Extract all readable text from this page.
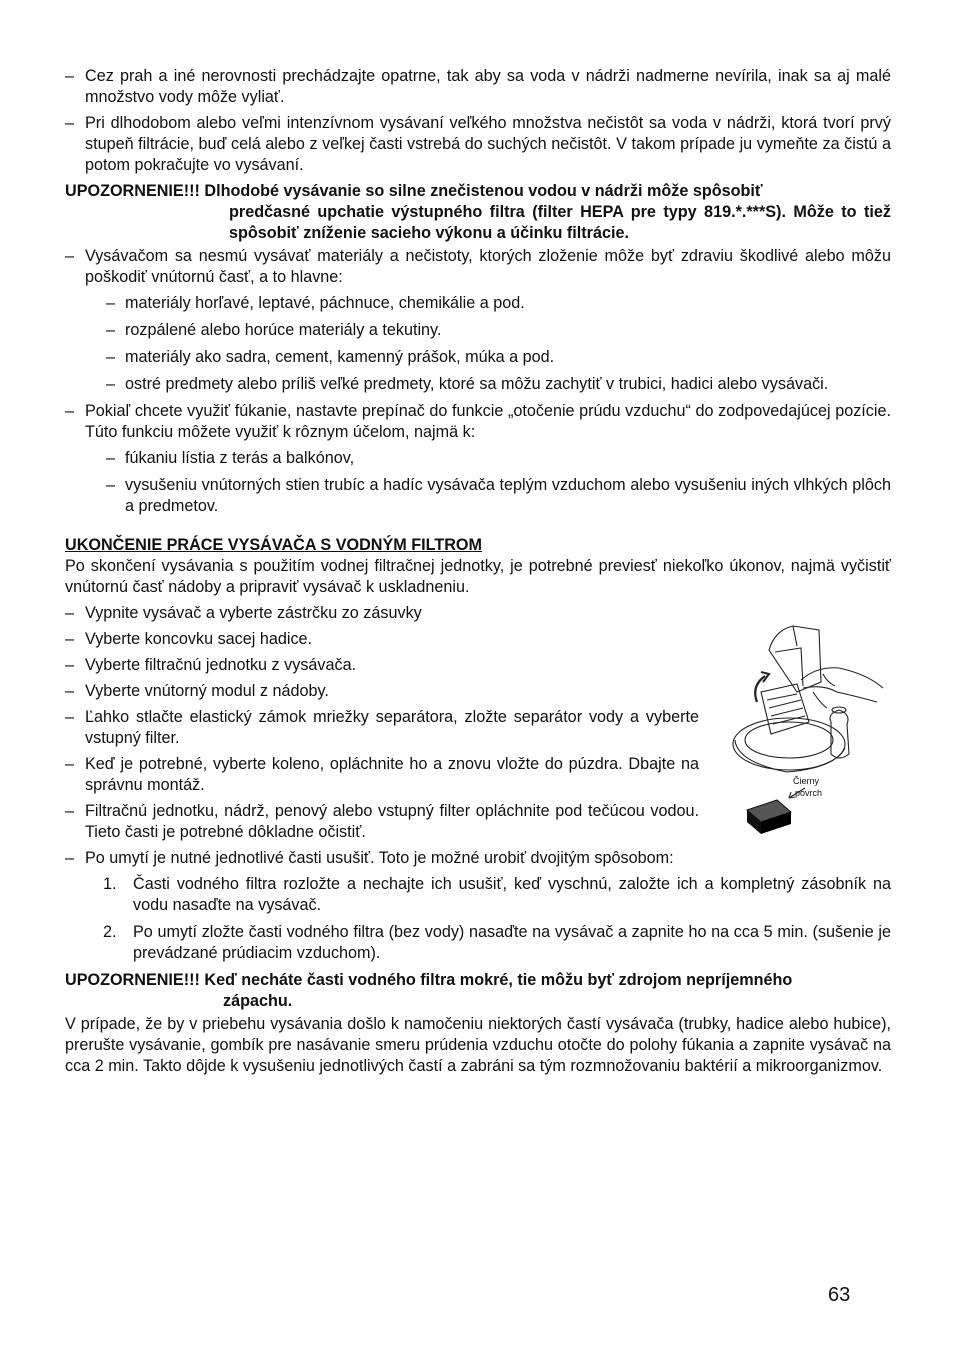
– Cez prah a iné nerovnosti prechádzajte opatrne, tak aby sa voda v nádrži nadmerne nevírila, inak sa aj malé množstvo vody môže vyliať.
– Pri dlhodobom alebo veľmi intenzívnom vysávaní veľkého množstva nečistôt sa voda v nádrži, ktorá tvorí prvý stupeň filtrácie, buď celá alebo z veľkej časti vstrebá do suchých nečistôt. V takom prípade ju vymeňte za čistú a potom pokračujte vo vysávaní.
UPOZORNENIE!!! Dlhodobé vysávanie so silne znečistenou vodou v nádrži môže spôsobiť
predčasné upchatie výstupného filtra (filter HEPA pre typy 819.*.***S). Môže to tiež spôsobiť zníženie sacieho výkonu a účinku filtrácie.
– Vysávačom sa nesmú vysávať materiály a nečistoty, ktorých zloženie môže byť zdraviu škodlivé alebo môžu poškodiť vnútornú časť, a to hlavne:
– materiály horľavé, leptavé, páchnuce, chemikálie a pod.
– rozpálené alebo horúce materiály a tekutiny.
– materiály ako sadra, cement, kamenný prášok, múka a pod.
– ostré predmety alebo príliš veľké predmety, ktoré sa môžu zachytiť v trubici, hadici alebo vysávači.
– Pokiaľ chcete využiť fúkanie, nastavte prepínač do funkcie „otočenie prúdu vzduchu“ do zodpovedajúcej pozície. Túto funkciu môžete využiť k rôznym účelom, najmä k:
– fúkaniu lístia z terás a balkónov,
– vysušeniu vnútorných stien trubíc a hadíc vysávača teplým vzduchom alebo vysušeniu iných vlhkých plôch a predmetov.
UKONČENIE PRÁCE VYSÁVAČA S VODNÝM FILTROM

Po skončení vysávania s použitím vodnej filtračnej jednotky, je potrebné previesť niekoľko úkonov, najmä vyčistiť vnútornú časť nádoby a pripraviť vysávač k uskladneniu.

– Vypnite vysávač a vyberte zástrčku zo zásuvky
– Vyberte koncovku sacej hadice.
– Vyberte filtračnú jednotku z vysávača.
– Vyberte vnútorný modul z nádoby.
– Ľahko stlačte elastický zámok mriežky separátora, zložte separátor vody a vyberte vstupný filter.
– Keď je potrebné, vyberte koleno, opláchnite ho a znovu vložte do púzdra. Dbajte na správnu montáž.
– Filtračnú jednotku, nádrž, penový alebo vstupný filter opláchnite pod tečúcou vodou. Tieto časti je potrebné dôkladne očistiť.
– Po umytí je nutné jednotlivé časti usušiť. Toto je možné urobiť dvojitým spôsobom:
1. Časti vodného filtra rozložte a nechajte ich usušiť, keď vyschnú, založte ich a kompletný zásobník na vodu nasaďte na vysávač.
2. Po umytí zložte časti vodného filtra (bez vody) nasaďte na vysávač a zapnite ho na cca 5 min. (sušenie je prevádzané prúdiacim vzduchom).
UPOZORNENIE!!! Keď necháte časti vodného filtra mokré, tie môžu byť zdrojom nepríjemného
zápachu.

V prípade, že by v priebehu vysávania došlo k namočeniu niektorých častí vysávača (trubky, hadice alebo hubice), prerušte vysávanie, gombík pre nasávanie smeru prúdenia vzduchu otočte do polohy fúkania a zapnite vysávač na cca 2 min. Takto dôjde k vysušeniu jednotlivých častí a zabráni sa tým rozmnožovaniu baktérií a mikroorganizmov.

Čierny
povrch
63
